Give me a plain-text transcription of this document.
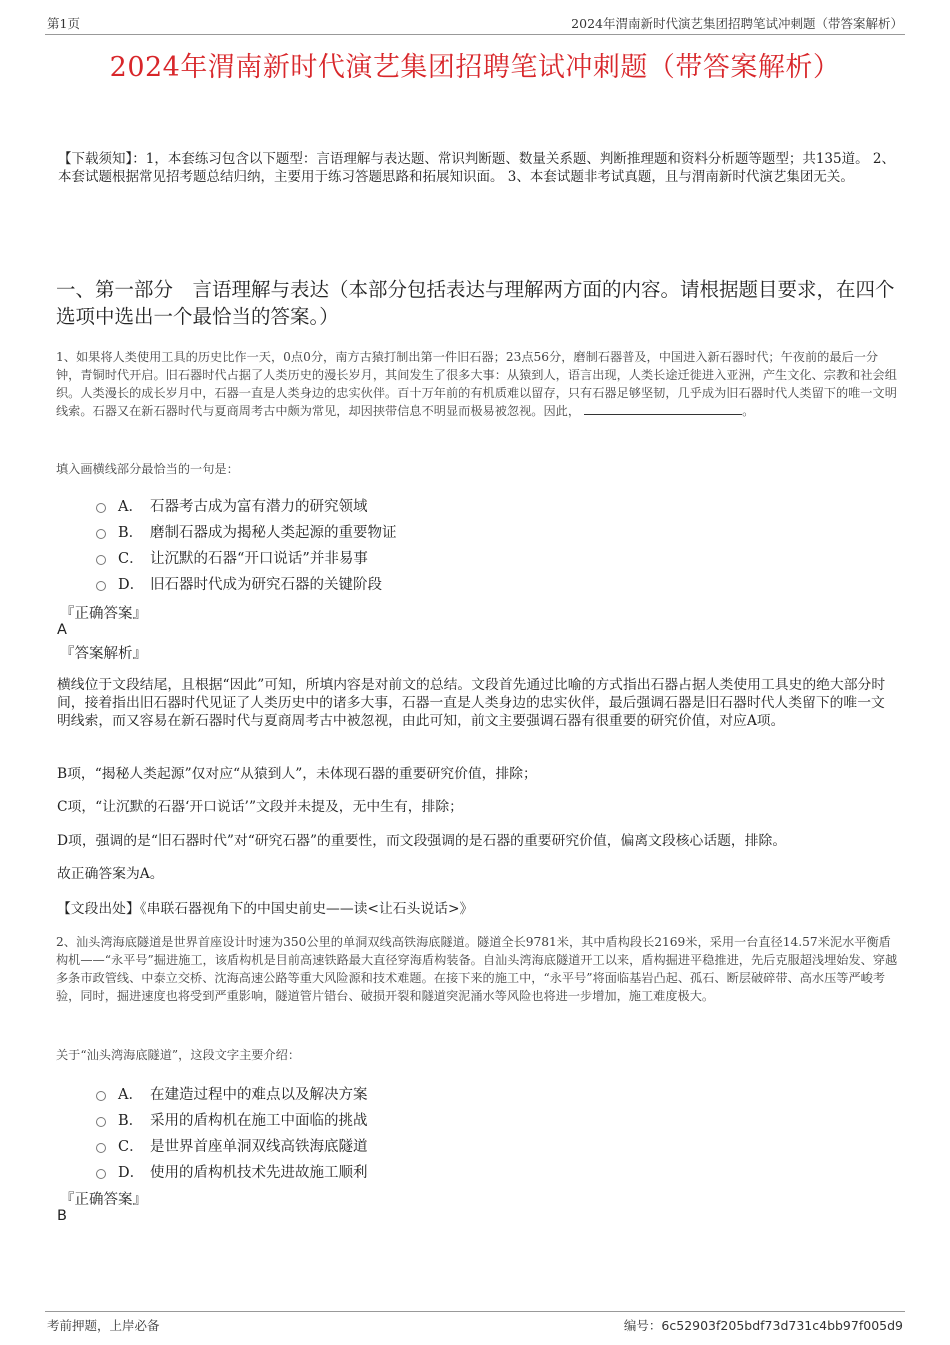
第1页	2024年渭南新时代演艺集团招聘笔试冲刺题（带答案解析）
2024年渭南新时代演艺集团招聘笔试冲刺题（带答案解析）
【下载须知】：1，本套练习包含以下题型：言语理解与表达题、常识判断题、数量关系题、判断推理题和资料分析题等题型；共135道。 2、本套试题根据常见招考题总结归纳，主要用于练习答题思路和拓展知识面。 3、本套试题非考试真题，且与渭南新时代演艺集团无关。
一、第一部分　言语理解与表达（本部分包括表达与理解两方面的内容。请根据题目要求，在四个选项中选出一个最恰当的答案。）
1、如果将人类使用工具的历史比作一天，0点0分，南方古猿打制出第一件旧石器；23点56分，磨制石器普及，中国进入新石器时代；午夜前的最后一分钟，青铜时代开启。旧石器时代占据了人类历史的漫长岁月，其间发生了很多大事：从猿到人，语言出现，人类长途迁徙进入亚洲，产生文化、宗教和社会组织。人类漫长的成长岁月中，石器一直是人类身边的忠实伙伴。百十万年前的有机质难以留存，只有石器足够坚韧，几乎成为旧石器时代人类留下的唯一文明线索。石器又在新石器时代与夏商周考古中颇为常见，却因挟带信息不明显而极易被忽视。因此，	。
填入画横线部分最恰当的一句是：
A． 石器考古成为富有潜力的研究领域
B． 磨制石器成为揭秘人类起源的重要物证
C． 让沉默的石器“开口说话”并非易事
D． 旧石器时代成为研究石器的关键阶段
『正确答案』
A
『答案解析』
横线位于文段结尾，且根据“因此”可知，所填内容是对前文的总结。文段首先通过比喻的方式指出石器占据人类使用工具史的绝大部分时间，接着指出旧石器时代见证了人类历史中的诸多大事，石器一直是人类身边的忠实伙伴，最后强调石器是旧石器时代人类留下的唯一文明线索，而又容易在新石器时代与夏商周考古中被忽视，由此可知，前文主要强调石器有很重要的研究价值，对应A项。
B项，“揭秘人类起源”仅对应“从猿到人”，未体现石器的重要研究价值，排除；
C项，“让沉默的石器‘开口说话’”文段并未提及，无中生有，排除；
D项，强调的是“旧石器时代”对“研究石器”的重要性，而文段强调的是石器的重要研究价值，偏离文段核心话题，排除。
故正确答案为A。
【文段出处】《串联石器视角下的中国史前史——读<让石头说话>》
2、汕头湾海底隧道是世界首座设计时速为350公里的单洞双线高铁海底隧道。隧道全长9781米，其中盾构段长2169米，采用一台直径14.57米泥水平衡盾构机——“永平号”掘进施工，该盾构机是目前高速铁路最大直径穿海盾构装备。自汕头湾海底隧道开工以来，盾构掘进平稳推进，先后克服超浅埋始发、穿越多条市政管线、中泰立交桥、沈海高速公路等重大风险源和技术难题。在接下来的施工中，“永平号”将面临基岩凸起、孤石、断层破碎带、高水压等严峻考验，同时，掘进速度也将受到严重影响，隧道管片错台、破损开裂和隧道突泥涌水等风险也将进一步增加，施工难度极大。
关于“汕头湾海底隧道”，这段文字主要介绍：
A． 在建造过程中的难点以及解决方案
B． 采用的盾构机在施工中面临的挑战
C． 是世界首座单洞双线高铁海底隧道
D． 使用的盾构机技术先进故施工顺利
『正确答案』
B
考前押题，上岸必备	编号：6c52903f205bdf73d731c4bb97f005d9
